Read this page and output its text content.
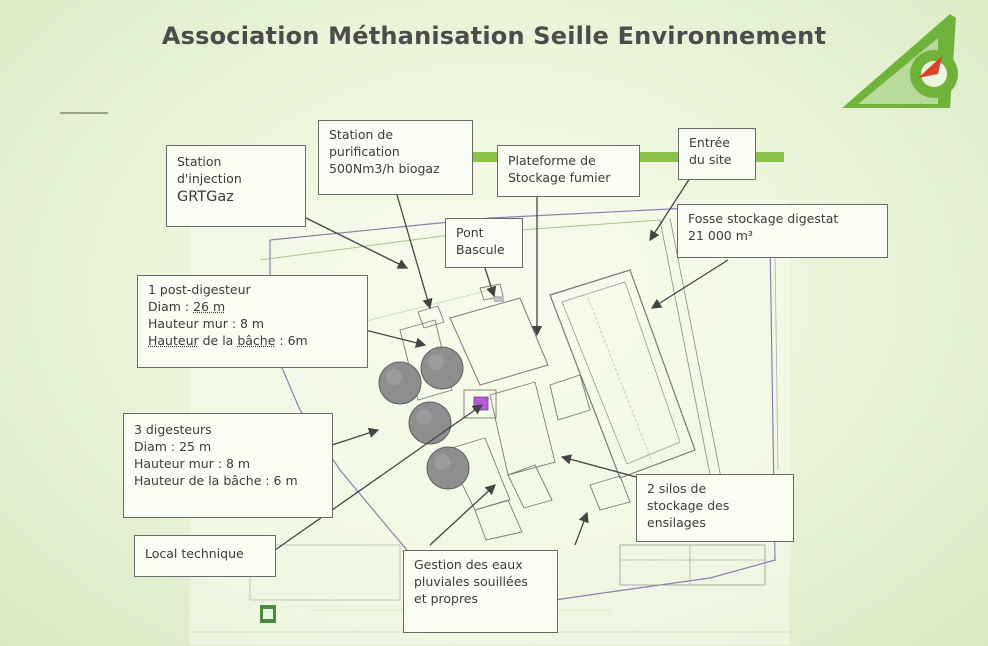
Association Méthanisation Seille Environnement
Station
d'injection
GRTGaz
Station de
purification
500Nm3/h biogaz
Plateforme de
Stockage fumier
Entrée
du site
Fosse stockage digestat
21 000 m³
Pont
Bascule
1 post-digesteur
Diam : 26 m
Hauteur mur : 8 m
Hauteur de la bâche : 6m
3 digesteurs
Diam : 25 m
Hauteur mur : 8 m
Hauteur de la bâche : 6 m
2 silos de
stockage des
ensilages
Local technique
Gestion des eaux
pluviales souillées
et propres
